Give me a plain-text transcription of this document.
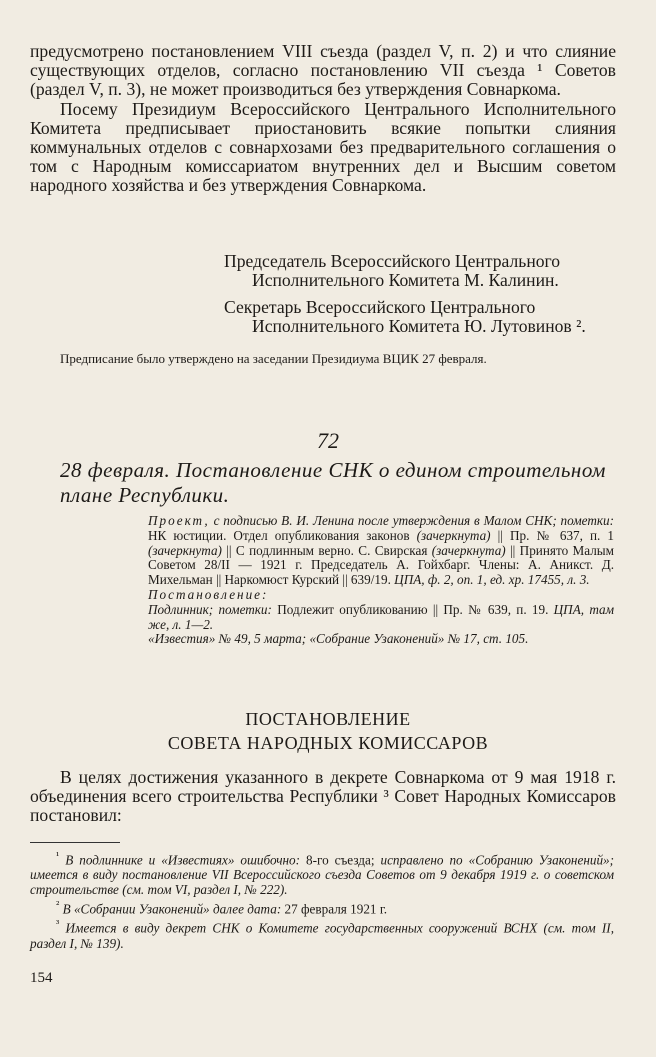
предусмотрено постановлением VIII съезда (раздел V, п. 2) и что слияние существующих отделов, согласно постановлению VII съезда ¹ Советов (раздел V, п. 3), не может производиться без утверждения Совнаркома.

Посему Президиум Всероссийского Центрального Исполнительного Комитета предписывает приостановить всякие попытки слияния коммунальных отделов с совнархозами без предварительного соглашения о том с Народным комиссариатом внутренних дел и Высшим советом народного хозяйства и без утверждения Совнаркома.

Председатель Всероссийского Центрального
Исполнительного Комитета М. Калинин.
Секретарь Всероссийского Центрального
Исполнительного Комитета Ю. Лутовинов ².
Предписание было утверждено на заседании Президиума ВЦИК 27 февраля.
72
28 февраля. Постановление СНК о едином строительном плане Республики.

Проект, с подписью В. И. Ленина после утверждения в Малом СНК; пометки: НК юстиции. Отдел опубликования законов (зачеркнута) || Пр. № 637, п. 1 (зачеркнута) || С подлинным верно. С. Свирская (зачеркнута) || Принято Малым Советом 28/II — 1921 г. Председатель А. Гойхбарг. Члены: А. Аникст. Д. Михельман || Наркомюст Курский || 639/19. ЦПА, ф. 2, оп. 1, ед. хр. 17455, л. 3.

Постановление:

Подлинник; пометки: Подлежит опубликованию || Пр. № 639, п. 19. ЦПА, там же, л. 1—2.

«Известия» № 49, 5 марта; «Собрание Узаконений» № 17, ст. 105.

ПОСТАНОВЛЕНИЕ
СОВЕТА НАРОДНЫХ КОМИССАРОВ

В целях достижения указанного в декрете Совнаркома от 9 мая 1918 г. объединения всего строительства Республики ³ Совет Народных Комиссаров постановил:

$^{^1}$ В подлиннике и «Известиях» ошибочно: 8-го съезда; исправлено по «Собранию Узаконений»; имеется в виду постановление VII Всероссийского съезда Советов от 9 декабря 1919 г. о советском строительстве (см. том VI, раздел I, № 222).

$^{^2}$ В «Собрании Узаконений» далее дата: 27 февраля 1921 г.

$^{^3}$ Имеется в виду декрет СНК о Комитете государственных сооружений ВСНХ (см. том II, раздел I, № 139).

154
